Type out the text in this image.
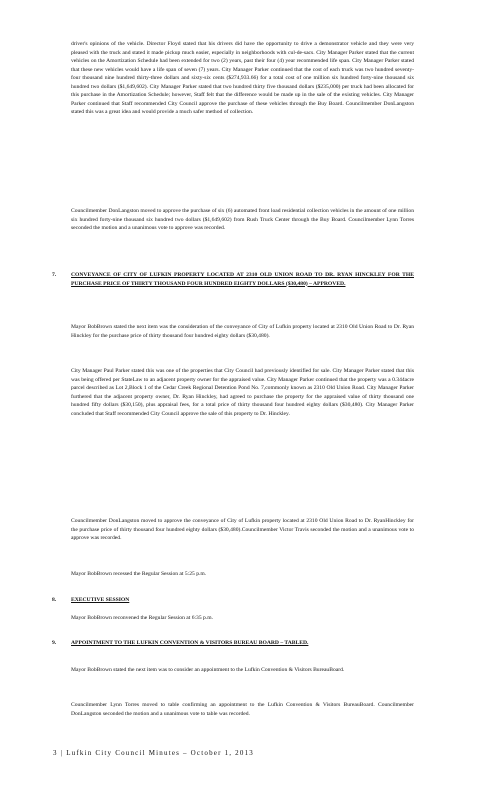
driver's opinions of the vehicle. Director Floyd stated that his drivers did have the opportunity to drive a demonstrator vehicle and they were very pleased with the truck and stated it made pickup much easier, especially in neighborhoods with cul-de-sacs. City Manager Parker stated that the current vehicles on the Amortization Schedule had been extended for two (2) years, past their four (4) year recommended life span. City Manager Parker stated that these new vehicles would have a life span of seven (7) years. City Manager Parker continued that the cost of each truck was two hundred seventy-four thousand nine hundred thirty-three dollars and sixty-six cents ($274,933.66) for a total cost of one million six hundred forty-nine thousand six hundred two dollars ($1,649,602). City Manager Parker stated that two hundred thirty five thousand dollars ($235,000) per truck had been allocated for this purchase in the Amortization Schedule; however, Staff felt that the difference would be made up in the sale of the existing vehicles. City Manager Parker continued that Staff recommended City Council approve the purchase of these vehicles through the Buy Board. Councilmember DonLangston stated this was a great idea and would provide a much safer method of collection.

Councilmember DonLangston moved to approve the purchase of six (6) automated front load residential collection vehicles in the amount of one million six hundred forty-nine thousand six hundred two dollars ($1,649,602) from Rush Truck Center through the Buy Board. Councilmember Lynn Torres seconded the motion and a unanimous vote to approve was recorded.

7.	CONVEYANCE OF CITY OF LUFKIN PROPERTY LOCATED AT 2310 OLD UNION ROAD TO DR. RYAN HINCKLEY FOR THE PURCHASE PRICE OF THIRTY THOUSAND FOUR HUNDRED EIGHTY DOLLARS ($30,480) – APPROVED.

Mayor BobBrown stated the next item was the consideration of the conveyance of City of Lufkin property located at 2310 Old Union Road to Dr. Ryan Hinckley for the purchase price of thirty thousand four hundred eighty dollars ($30,480).

City Manager Paul Parker stated this was one of the properties that City Council had previously identified for sale. City Manager Parker stated that this was being offered per StateLaw to an adjacent property owner for the appraised value. City Manager Parker continued that the property was a 0.344acre parcel described as Lot 2,Block 1 of the Cedar Creek Regional Detention Pond No. 7,commonly known as 2310 Old Union Road. City Manager Parker furthered that the adjacent property owner, Dr. Ryan Hinckley, had agreed to purchase the property for the appraised value of thirty thousand one hundred fifty dollars ($30,150), plus appraisal fees, for a total price of thirty thousand four hundred eighty dollars ($30,480). City Manager Parker concluded that Staff recommended City Council approve the sale of this property to Dr. Hinckley.

Councilmember DonLangston moved to approve the conveyance of City of Lufkin property located at 2310 Old Union Road to Dr. RyanHinckley for the purchase price of thirty thousand four hundred eighty dollars ($30,480).Councilmember Victor Travis seconded the motion and a unanimous vote to approve was recorded.

Mayor BobBrown recessed the Regular Session at 5:25 p.m.

8.	EXECUTIVE SESSION

Mayor BobBrown reconvened the Regular Session at 6:35 p.m.

9.	APPOINTMENT TO THE LUFKIN CONVENTION & VISITORS BUREAU BOARD – TABLED.

Mayor BobBrown stated the next item was to consider an appointment to the Lufkin Convention & Visitors BureauBoard.

Councilmember Lynn Torres moved to table confirming an appointment to the Lufkin Convention & Visitors BureauBoard. Councilmember DonLangston seconded the motion and a unanimous vote to table was recorded.

3 | Lufkin City Council Minutes – October 1, 2013
